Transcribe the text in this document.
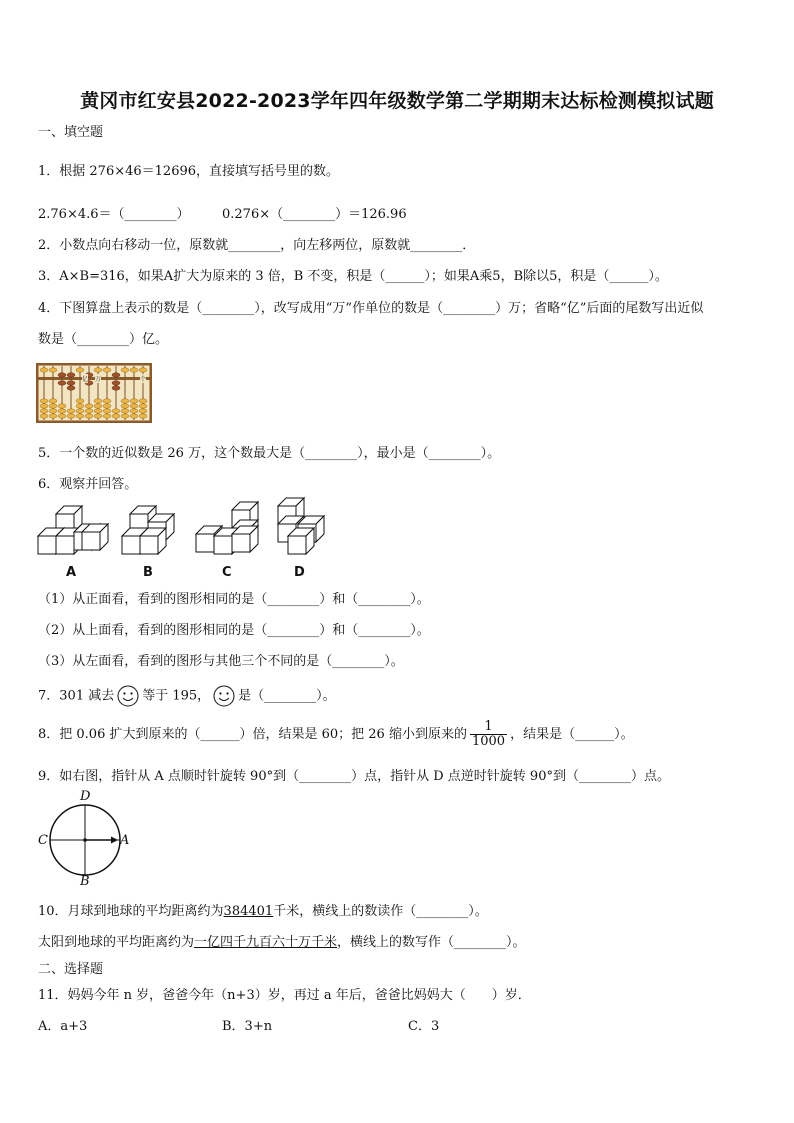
黄冈市红安县2022-2023学年四年级数学第二学期期末达标检测模拟试题
一、填空题
1．根据 276×46＝12696，直接填写括号里的数。
2.76×4.6＝（________） 0.276×（________）＝126.96
2．小数点向右移动一位，原数就________，向左移两位，原数就________．
3．A×B=316，如果A扩大为原来的 3 倍，B 不变，积是（______）；如果A乘5，B除以5，积是（______）。
4．下图算盘上表示的数是（________），改写成用“万”作单位的数是（________）万；省略“亿”后面的尾数写出近似
数是（________）亿。
亿 万	个
5．一个数的近似数是 26 万，这个数最大是（________），最小是（________）。
6．观察并回答。
A	B	C	D
（1）从正面看，看到的图形相同的是（________）和（________）。
（2）从上面看，看到的图形相同的是（________）和（________）。
（3）从左面看，看到的图形与其他三个不同的是（________）。
7．301 减去 等于 195， 是（________）。
8．把 0.06 扩大到原来的（______）倍，结果是 60；把 26 缩小到原来的 $\frac{1}{1000}$ ，结果是（______）。
9．如右图，指针从 A 点顺时针旋转 90°到（________）点，指针从 D 点逆时针旋转 90°到（________）点。
D
A
B
C
10．月球到地球的平均距离约为384401千米，横线上的数读作（________）。
太阳到地球的平均距离约为一亿四千九百六十万千米，横线上的数写作（________）。
二、选择题
11．妈妈今年 n 岁，爸爸今年（n+3）岁，再过 a 年后，爸爸比妈妈大（　　）岁．
A．a+3	B．3+n	C．3
